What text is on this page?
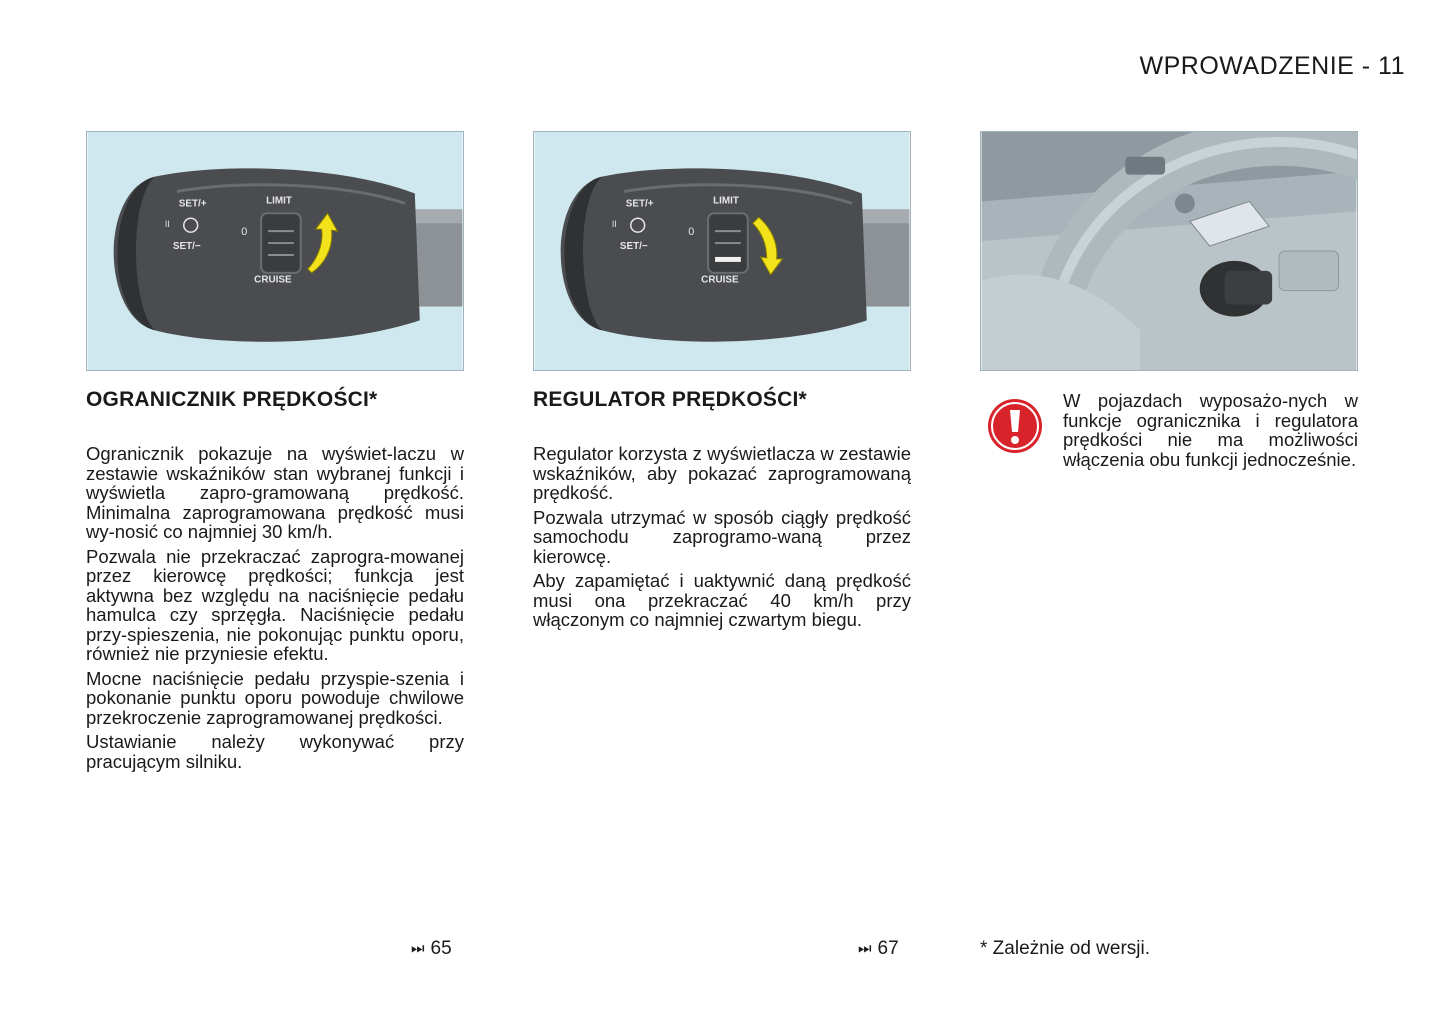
WPROWADZENIE - 11
SET/+
SET/−
LIMIT
CRUISE
0
II
SET/+
SET/−
LIMIT
CRUISE
0
II
OGRANICZNIK PRĘDKOŚCI*

Ogranicznik pokazuje na wyświet-laczu w zestawie wskaźników stan wybranej funkcji i wyświetla zapro-gramowaną prędkość. Minimalna zaprogramowana prędkość musi wy-nosić co najmniej 30 km/h.

Pozwala nie przekraczać zaprogra-mowanej przez kierowcę prędkości; funkcja jest aktywna bez względu na naciśnięcie pedału hamulca czy sprzęgła. Naciśnięcie pedału przy-spieszenia, nie pokonując punktu oporu, również nie przyniesie efektu.

Mocne naciśnięcie pedału przyspie-szenia i pokonanie punktu oporu powoduje chwilowe przekroczenie zaprogramowanej prędkości.

Ustawianie należy wykonywać przy pracującym silniku.

REGULATOR PRĘDKOŚCI*

Regulator korzysta z wyświetlacza w zestawie wskaźników, aby pokazać zaprogramowaną prędkość.

Pozwala utrzymać w sposób ciągły prędkość samochodu zaprogramo-waną przez kierowcę.

Aby zapamiętać i uaktywnić daną prędkość musi ona przekraczać 40 km/h przy włączonym co najmniej czwartym biegu.

W pojazdach wyposażo-nych w funkcje ogranicznika i regulatora prędkości nie ma możliwości włączenia obu funkcji jednocześnie.
⏭ 65	⏭ 67	* Zależnie od wersji.
